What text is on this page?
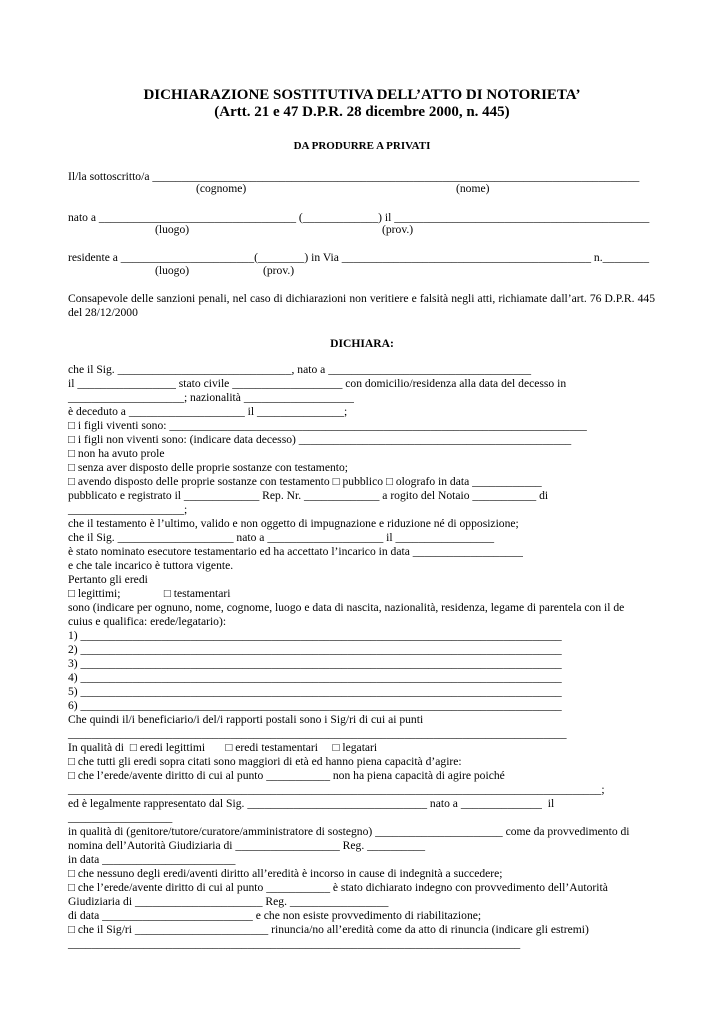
DICHIARAZIONE SOSTITUTIVA DELL’ATTO DI NOTORIETA’
(Artt. 21 e 47 D.P.R. 28 dicembre 2000, n. 445)
DA PRODURRE A PRIVATI
Il/la sottoscritto/a ____________________________________________________________________________________
(cognome)	(nome)
nato a __________________________________ (_____________) il ____________________________________________
(luogo)	(prov.)
residente a _______________________(________) in Via ___________________________________________ n.________
(luogo)	(prov.)
Consapevole delle sanzioni penali, nel caso di dichiarazioni non veritiere e falsità negli atti, richiamate dall’art. 76 D.P.R. 445 del 28/12/2000
DICHIARA:
che il Sig. ______________________________, nato a ___________________________________
il _________________ stato civile ___________________ con domicilio/residenza alla data del decesso in
____________________; nazionalità ___________________
è deceduto a ____________________ il _______________;
□ i figli viventi sono: ________________________________________________________________________
□ i figli non viventi sono: (indicare data decesso) _______________________________________________
□ non ha avuto prole
□ senza aver disposto delle proprie sostanze con testamento;
□ avendo disposto delle proprie sostanze con testamento □ pubblico □ olografo in data ____________
pubblicato e registrato il _____________ Rep. Nr. _____________ a rogito del Notaio ___________ di
____________________;
che il testamento è l’ultimo, valido e non oggetto di impugnazione e riduzione né di opposizione;
che il Sig. ____________________ nato a ____________________ il _________________
è stato nominato esecutore testamentario ed ha accettato l’incarico in data ___________________
e che tale incarico è tuttora vigente.
Pertanto gli eredi
□ legittimi;               □ testamentari
sono (indicare per ognuno, nome, cognome, luogo e data di nascita, nazionalità, residenza, legame di parentela con il de
cuius e qualifica: erede/legatario):
1) ___________________________________________________________________________________
2) ___________________________________________________________________________________
3) ___________________________________________________________________________________
4) ___________________________________________________________________________________
5) ___________________________________________________________________________________
6) ___________________________________________________________________________________
Che quindi il/i beneficiario/i del/i rapporti postali sono i Sig/ri di cui ai punti
______________________________________________________________________________________
In qualità di  □ eredi legittimi       □ eredi testamentari     □ legatari
□ che tutti gli eredi sopra citati sono maggiori di età ed hanno piena capacità d’agire:
□ che l’erede/avente diritto di cui al punto ___________ non ha piena capacità di agire poiché
____________________________________________________________________________________________;
ed è legalmente rappresentato dal Sig. _______________________________ nato a ______________  il
__________________
in qualità di (genitore/tutore/curatore/amministratore di sostegno) ______________________ come da provvedimento di
nomina dell’Autorità Giudiziaria di __________________ Reg. __________
in data _______________________
□ che nessuno degli eredi/aventi diritto all’eredità è incorso in cause di indegnità a succedere;
□ che l’erede/avente diritto di cui al punto ___________ è stato dichiarato indegno con provvedimento dell’Autorità
Giudiziaria di ______________________ Reg. _________________
di data __________________________ e che non esiste provvedimento di riabilitazione;
□ che il Sig/ri _______________________ rinuncia/no all’eredità come da atto di rinuncia (indicare gli estremi)
______________________________________________________________________________
